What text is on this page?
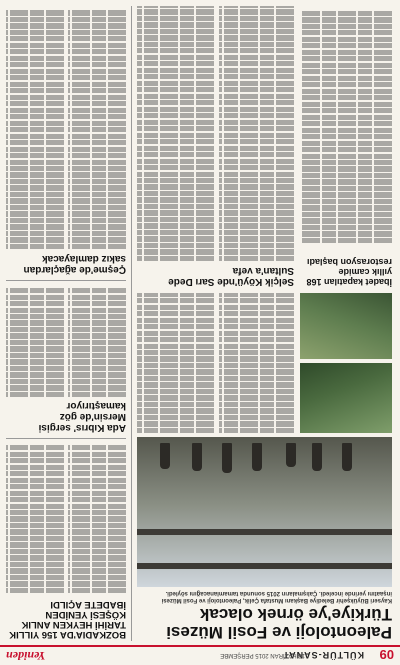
09
KÜLTÜR-SANAT
18 HAZİRAN 2015 PERŞEMBE
Yeniden
Paleontoloji ve Fosil Müzesi Türkiye'ye örnek olacak
Kayseri Büyükşehir Belediye Başkanı Mustafa Çelik, Paleontoloji ve Fosil Müzesi inşaatını yerinde inceledi. Çalışmaların 2015 sonunda tamamlanacağını söyledi.
Selçik Köyü'nde Sarı Dede Sultan'a vefa
İbadet kapatılan 168 yıllık camide restorasyon başladı
BOZKADIA'DA 156 YILLIK TARİHİ HEYKEN ANLIK KÖŞESİ YENİDEN İBADETE AÇILDI
Ada Kıbrıs' sergisi Mersin'de göz kamaştırıyor
Çeşme'de ağaçlardan sakız damlayacak
